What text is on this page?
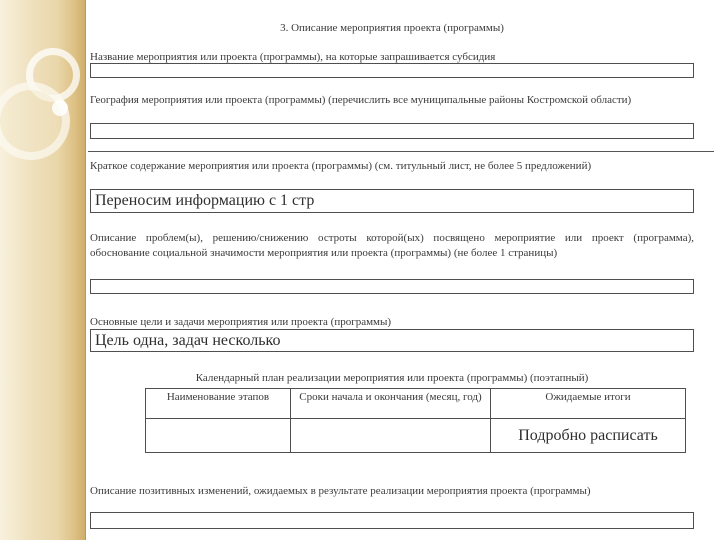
3. Описание мероприятия проекта (программы)
Название мероприятия или проекта (программы), на которые запрашивается субсидия
География мероприятия или проекта (программы) (перечислить все муниципальные районы Костромской области)
Краткое содержание мероприятия или проекта (программы) (см. титульный лист, не более 5 предложений)
Переносим информацию с 1 стр
Описание проблем(ы), решению/снижению остроты которой(ых) посвящено мероприятие или проект (программа), обоснование социальной значимости мероприятия или проекта (программы) (не более 1 страницы)
Основные цели и задачи мероприятия или проекта (программы)
Цель одна, задач несколько
Календарный план реализации мероприятия или проекта (программы) (поэтапный)
Наименование этапов	Сроки начала и окончания (месяц, год)	Ожидаемые итоги
		Подробно расписать
Описание позитивных изменений, ожидаемых в результате реализации мероприятия проекта (программы)
